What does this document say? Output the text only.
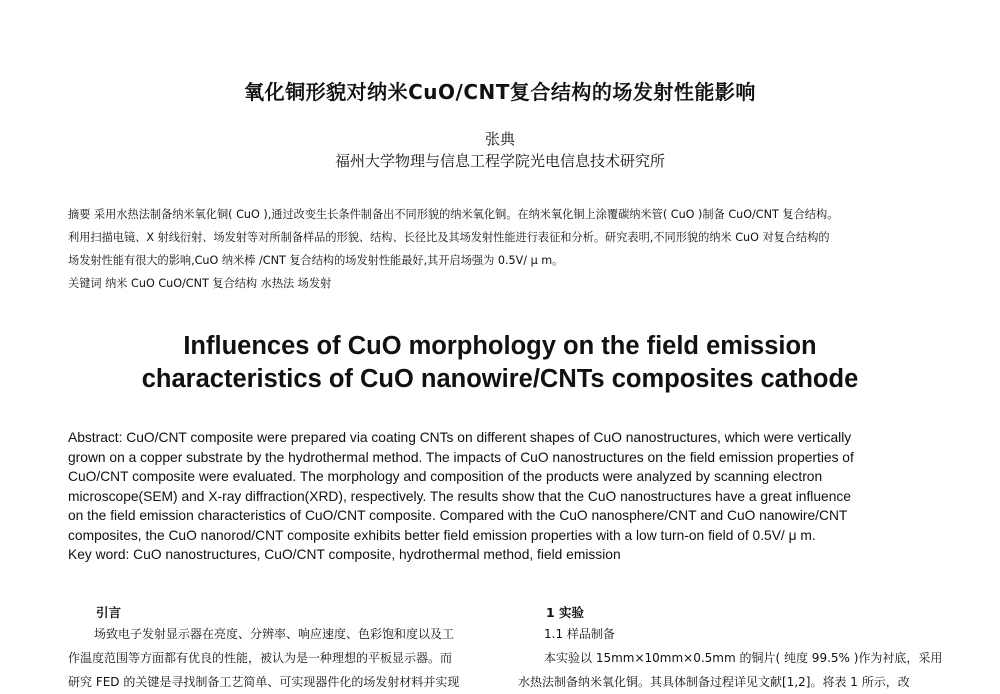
氧化铜形貌对纳米CuO/CNT复合结构的场发射性能影响
张典
福州大学物理与信息工程学院光电信息技术研究所
摘要 采用水热法制备纳米氧化铜( CuO ),通过改变生长条件制备出不同形貌的纳米氧化铜。在纳米氧化铜上涂覆碳纳米管( CuO )制备 CuO/CNT 复合结构。
利用扫描电镜、X 射线衍射、场发射等对所制备样品的形貌、结构、长径比及其场发射性能进行表征和分析。研究表明,不同形貌的纳米 CuO 对复合结构的
场发射性能有很大的影响,CuO 纳米棒 /CNT 复合结构的场发射性能最好,其开启场强为 0.5V/ μ m。
关键词 纳米 CuO CuO/CNT 复合结构 水热法 场发射
Influences of CuO morphology on the field emission
characteristics of CuO nanowire/CNTs composites cathode
Abstract: CuO/CNT composite were prepared via coating CNTs on different shapes of CuO nanostructures, which were vertically
grown on a copper substrate by the hydrothermal method. The impacts of CuO nanostructures on the field emission properties of
CuO/CNT composite were evaluated. The morphology and composition of the products were analyzed by scanning electron
microscope(SEM) and X-ray diffraction(XRD), respectively. The results show that the CuO nanostructures have a great influence
on the field emission characteristics of CuO/CNT composite. Compared with the CuO nanosphere/CNT and CuO nanowire/CNT
composites, the CuO nanorod/CNT composite exhibits better field emission properties with a low turn-on field of 0.5V/ μ m.
Key word: CuO nanostructures, CuO/CNT composite, hydrothermal method, field emission
引言
场致电子发射显示器在亮度、分辨率、响应速度、色彩饱和度以及工
作温度范围等方面都有优良的性能，被认为是一种理想的平板显示器。而
研究 FED 的关键是寻找制备工艺简单、可实现器件化的场发射材料并实现
1 实验
1.1 样品制备
本实验以 15mm×10mm×0.5mm 的铜片( 纯度 99.5% )作为衬底，采用
水热法制备纳米氧化铜。其具体制备过程详见文献[1,2]。将表 1 所示，改
